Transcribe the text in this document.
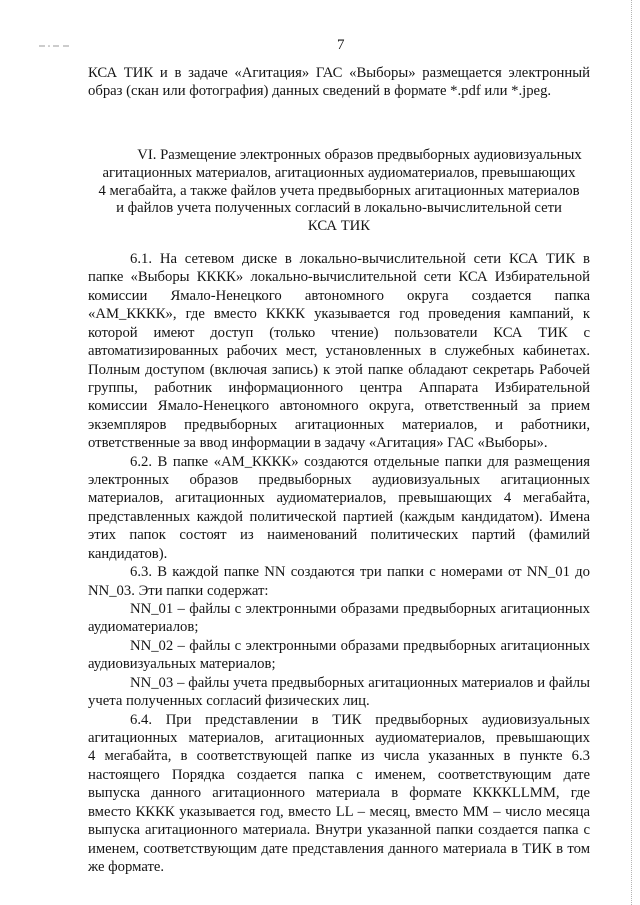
7
КСА ТИК и в задаче «Агитация» ГАС «Выборы» размещается электронный
образ (скан или фотография) данных сведений в формате *.pdf или *.jpeg.
VI. Размещение электронных образов предвыборных аудиовизуальных
агитационных материалов, агитационных аудиоматериалов, превышающих
4 мегабайта, а также файлов учета предвыборных агитационных материалов
и файлов учета полученных согласий в локально-вычислительной сети
КСА ТИК
6.1. На сетевом диске в локально-вычислительной сети КСА ТИК в
папке «Выборы КККК» локально-вычислительной сети КСА Избирательной
комиссии Ямало-Ненецкого автономного округа создается папка
«АМ_КККК», где вместо КККК указывается год проведения кампаний, к
которой имеют доступ (только чтение) пользователи КСА ТИК с
автоматизированных рабочих мест, установленных в служебных кабинетах.
Полным доступом (включая запись) к этой папке обладают секретарь Рабочей
группы, работник информационного центра Аппарата Избирательной
комиссии Ямало-Ненецкого автономного округа, ответственный за прием
экземпляров предвыборных агитационных материалов, и работники,
ответственные за ввод информации в задачу «Агитация» ГАС «Выборы».
6.2. В папке «АМ_КККК» создаются отдельные папки для размещения
электронных образов предвыборных аудиовизуальных агитационных
материалов, агитационных аудиоматериалов, превышающих 4 мегабайта,
представленных каждой политической партией (каждым кандидатом). Имена
этих папок состоят из наименований политических партий (фамилий
кандидатов).
6.3. В каждой папке NN создаются три папки с номерами от NN_01 до
NN_03. Эти папки содержат:
NN_01 – файлы с электронными образами предвыборных агитационных
аудиоматериалов;
NN_02 – файлы с электронными образами предвыборных агитационных
аудиовизуальных материалов;
NN_03 – файлы учета предвыборных агитационных материалов и файлы
учета полученных согласий физических лиц.
6.4. При представлении в ТИК предвыборных аудиовизуальных
агитационных материалов, агитационных аудиоматериалов, превышающих
4 мегабайта, в соответствующей папке из числа указанных в пункте 6.3
настоящего Порядка создается папка с именем, соответствующим дате
выпуска данного агитационного материала в формате ККККLLMM, где
вместо КККК указывается год, вместо LL – месяц, вместо MM – число месяца
выпуска агитационного материала. Внутри указанной папки создается папка с
именем, соответствующим дате представления данного материала в ТИК в том
же формате.
